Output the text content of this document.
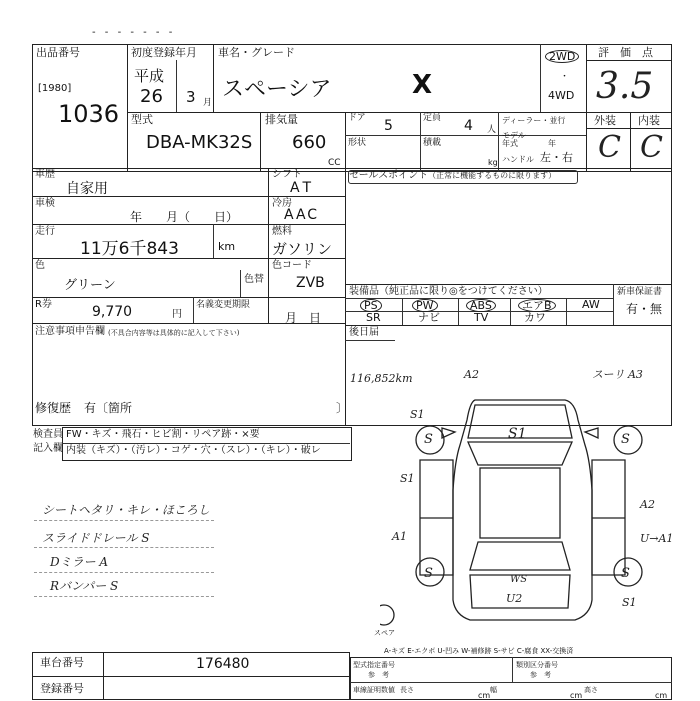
- - - - - - -
出品番号
[1980]
1036
初度登録年月
平成
26 3 月
車名・グレード
スペーシア	X
2WD
・
4WD
評　価　点
3.5
外装 内装
C C
型式
DBA-MK32S
排気量
660
CC
ドア 5	定員 4 人
ディーラー・並行
形状	積載
kg
モデル年式	年
ハンドル 左・右
車歴
自家用
車検
年　　月（　　日）
走行
11万6千843	km
色
グリーン	色替
R券	9,770	円
名義変更期限
月　日
注意事項申告欄 (不具合内容等は具体的に記入して下さい)
修復歴 有〔箇所	〕
シフト
AT
冷房
AAC
燃料
ガソリン
色コード
ZVB
セールスポイント（正常に機能するものに限ります）
装備品（純正品に限り◎をつけてください）	新車保証書
有・無
PS	PW	ABS	エアB	AW
SR	ナビ	TV	カワ
後日届
検査員
記入欄
FW・キズ・飛石・ヒビ割・リペア跡・×要
内装（キズ）・（汚レ）・コゲ・穴・（スレ）・（キレ）・破レ
シートヘタリ・キレ・ほころし
スライドドレール S
Dミラー A
Rバンパー S
116,852km	A2	スーリ A3
S1
S1
S	S
S1
A2
A1	U→A1
S	S
WS
U2	S1
スペア
A-キズ E-エクボ U-凹み W-補修跡 S-サビ C-腐食 XX-交換済
車台番号	176480
登録番号
型式指定番号
参　考
類別区分番号
参　考
車線証明数値 長さ
cm
幅
cm
高さ
cm
